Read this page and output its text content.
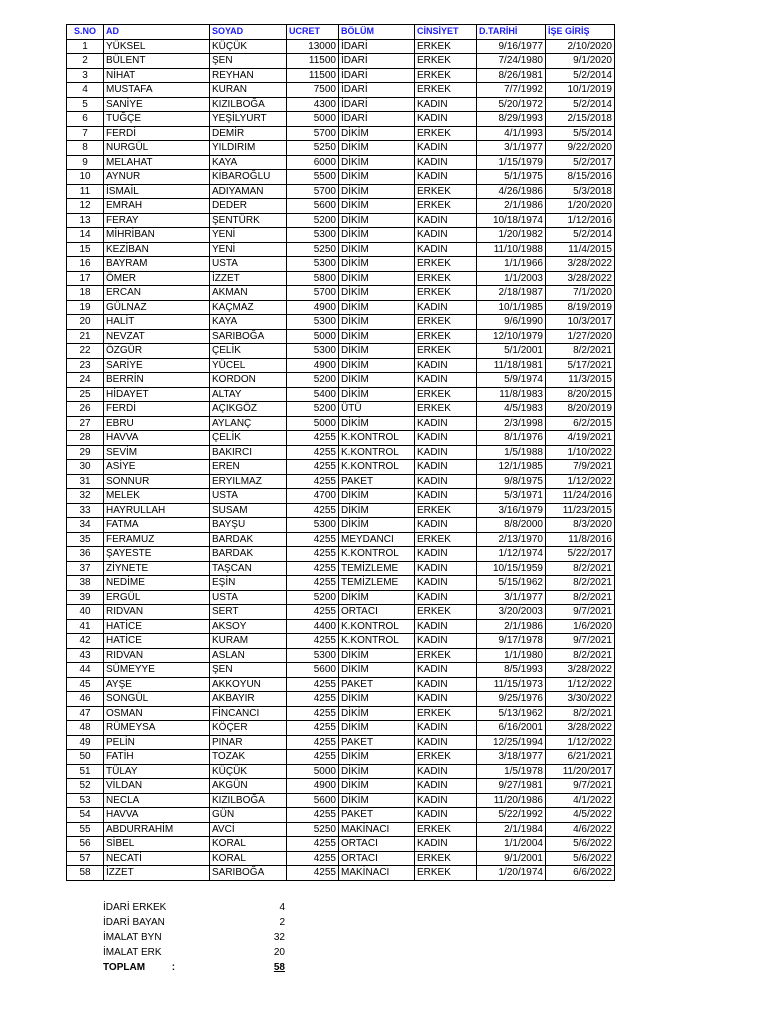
S.NO	AD	SOYAD	UCRET	BÖLÜM	CİNSİYET	D.TARİHİ	İŞE GİRİŞ
1	YÜKSEL	KÜÇÜK	13000	İDARİ	ERKEK	9/16/1977	2/10/2020
2	BÜLENT	ŞEN	11500	İDARİ	ERKEK	7/24/1980	9/1/2020
3	NİHAT	REYHAN	11500	İDARİ	ERKEK	8/26/1981	5/2/2014
4	MUSTAFA	KURAN	7500	İDARİ	ERKEK	7/7/1992	10/1/2019
5	SANİYE	KIZILBOĞA	4300	İDARİ	KADIN	5/20/1972	5/2/2014
6	TUĞÇE	YEŞİLYURT	5000	İDARİ	KADIN	8/29/1993	2/15/2018
7	FERDİ	DEMİR	5700	DİKİM	ERKEK	4/1/1993	5/5/2014
8	NURGÜL	YILDIRIM	5250	DİKİM	KADIN	3/1/1977	9/22/2020
9	MELAHAT	KAYA	6000	DİKİM	KADIN	1/15/1979	5/2/2017
10	AYNUR	KİBAROĞLU	5500	DİKİM	KADIN	5/1/1975	8/15/2016
11	İSMAİL	ADIYAMAN	5700	DİKİM	ERKEK	4/26/1986	5/3/2018
12	EMRAH	DEDER	5600	DİKİM	ERKEK	2/1/1986	1/20/2020
13	FERAY	ŞENTÜRK	5200	DİKİM	KADIN	10/18/1974	1/12/2016
14	MİHRİBAN	YENİ	5300	DİKİM	KADIN	1/20/1982	5/2/2014
15	KEZİBAN	YENİ	5250	DİKİM	KADIN	11/10/1988	11/4/2015
16	BAYRAM	USTA	5300	DİKİM	ERKEK	1/1/1966	3/28/2022
17	ÖMER	İZZET	5800	DİKİM	ERKEK	1/1/2003	3/28/2022
18	ERCAN	AKMAN	5700	DİKİM	ERKEK	2/18/1987	7/1/2020
19	GÜLNAZ	KAÇMAZ	4900	DİKİM	KADIN	10/1/1985	8/19/2019
20	HALİT	KAYA	5300	DİKİM	ERKEK	9/6/1990	10/3/2017
21	NEVZAT	SARIBOĞA	5000	DİKİM	ERKEK	12/10/1979	1/27/2020
22	ÖZGÜR	ÇELİK	5300	DİKİM	ERKEK	5/1/2001	8/2/2021
23	SARİYE	YÜCEL	4900	DİKİM	KADIN	11/18/1981	5/17/2021
24	BERRİN	KORDON	5200	DİKİM	KADIN	5/9/1974	11/3/2015
25	HİDAYET	ALTAY	5400	DİKİM	ERKEK	11/8/1983	8/20/2015
26	FERDİ	AÇIKGÖZ	5200	ÜTÜ	ERKEK	4/5/1983	8/20/2019
27	EBRU	AYLANÇ	5000	DİKİM	KADIN	2/3/1998	6/2/2015
28	HAVVA	ÇELİK	4255	K.KONTROL	KADIN	8/1/1976	4/19/2021
29	SEVİM	BAKIRCI	4255	K.KONTROL	KADIN	1/5/1988	1/10/2022
30	ASİYE	EREN	4255	K.KONTROL	KADIN	12/1/1985	7/9/2021
31	SONNUR	ERYILMAZ	4255	PAKET	KADIN	9/8/1975	1/12/2022
32	MELEK	USTA	4700	DİKİM	KADIN	5/3/1971	11/24/2016
33	HAYRULLAH	SUSAM	4255	DİKİM	ERKEK	3/16/1979	11/23/2015
34	FATMA	BAYŞU	5300	DİKİM	KADIN	8/8/2000	8/3/2020
35	FERAMUZ	BARDAK	4255	MEYDANCI	ERKEK	2/13/1970	11/8/2016
36	ŞAYESTE	BARDAK	4255	K.KONTROL	KADIN	1/12/1974	5/22/2017
37	ZİYNETE	TAŞCAN	4255	TEMİZLEME	KADIN	10/15/1959	8/2/2021
38	NEDİME	EŞİN	4255	TEMİZLEME	KADIN	5/15/1962	8/2/2021
39	ERGÜL	USTA	5200	DİKİM	KADIN	3/1/1977	8/2/2021
40	RIDVAN	SERT	4255	ORTACI	ERKEK	3/20/2003	9/7/2021
41	HATİCE	AKSOY	4400	K.KONTROL	KADIN	2/1/1986	1/6/2020
42	HATİCE	KURAM	4255	K.KONTROL	KADIN	9/17/1978	9/7/2021
43	RIDVAN	ASLAN	5300	DİKİM	ERKEK	1/1/1980	8/2/2021
44	SÜMEYYE	ŞEN	5600	DİKİM	KADIN	8/5/1993	3/28/2022
45	AYŞE	AKKOYUN	4255	PAKET	KADIN	11/15/1973	1/12/2022
46	SONGÜL	AKBAYIR	4255	DİKİM	KADIN	9/25/1976	3/30/2022
47	OSMAN	FİNCANCI	4255	DİKİM	ERKEK	5/13/1962	8/2/2021
48	RÜMEYSA	KÖÇER	4255	DİKİM	KADIN	6/16/2001	3/28/2022
49	PELİN	PINAR	4255	PAKET	KADIN	12/25/1994	1/12/2022
50	FATİH	TOZAK	4255	DİKİM	ERKEK	3/18/1977	6/21/2021
51	TÜLAY	KÜÇÜK	5000	DİKİM	KADIN	1/5/1978	11/20/2017
52	VİLDAN	AKGÜN	4900	DİKİM	KADIN	9/27/1981	9/7/2021
53	NECLA	KIZILBOĞA	5600	DİKİM	KADIN	11/20/1986	4/1/2022
54	HAVVA	GÜN	4255	PAKET	KADIN	5/22/1992	4/5/2022
55	ABDURRAHİM	AVCİ	5250	MAKİNACI	ERKEK	2/1/1984	4/6/2022
56	SİBEL	KORAL	4255	ORTACI	KADIN	1/1/2004	5/6/2022
57	NECATİ	KORAL	4255	ORTACI	ERKEK	9/1/2001	5/6/2022
58	İZZET	SARIBOĞA	4255	MAKİNACI	ERKEK	1/20/1974	6/6/2022
İDARİ ERKEK	4
İDARİ BAYAN	2
İMALAT BYN	32
İMALAT ERK	20
TOPLAM :	58
